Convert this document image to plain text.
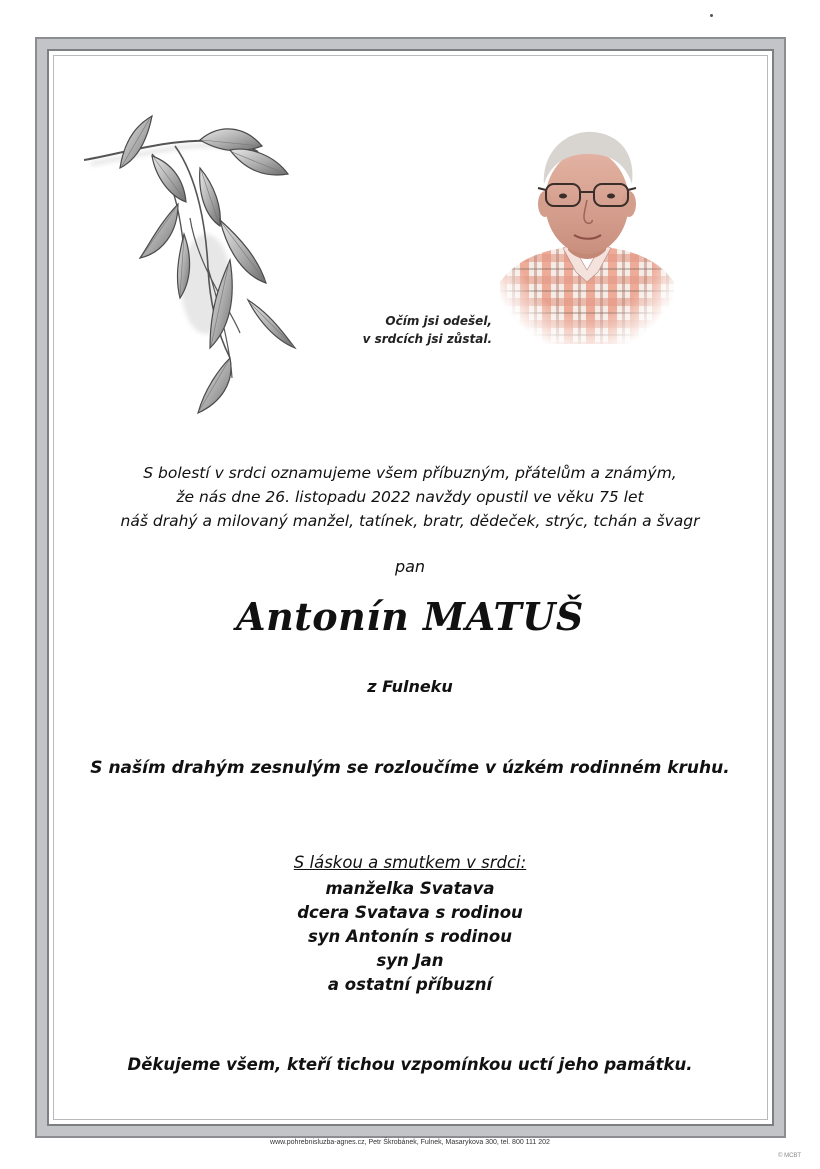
Očím jsi odešel,
v srdcích jsi zůstal.
S bolestí v srdci oznamujeme všem příbuzným, přátelům a známým,
že nás dne 26. listopadu 2022 navždy opustil ve věku 75 let
náš drahý a milovaný manžel, tatínek, bratr, dědeček, strýc, tchán a švagr
pan
Antonín MATUŠ
z Fulneku
S naším drahým zesnulým se rozloučíme v úzkém rodinném kruhu.
S láskou a smutkem v srdci:
manželka Svatava
dcera Svatava s rodinou
syn Antonín s rodinou
syn Jan
a ostatní příbuzní
Děkujeme všem, kteří tichou vzpomínkou uctí jeho památku.
www.pohrebnisluzba-agnes.cz, Petr Škrobánek, Fulnek, Masarykova 300, tel. 800 111 202
© MCBT
